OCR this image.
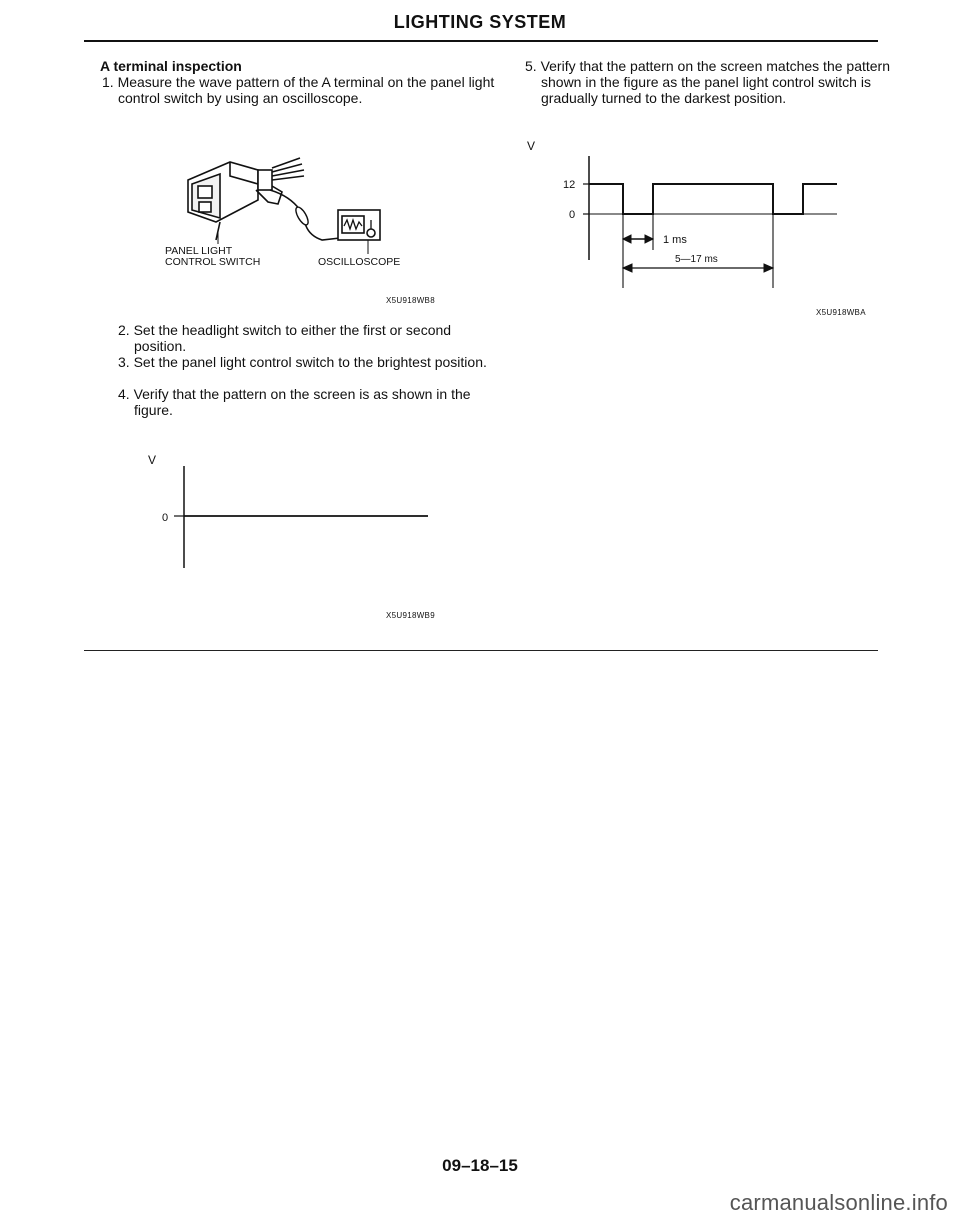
LIGHTING SYSTEM
A terminal inspection
1. Measure the wave pattern of the A terminal on the panel light control switch by using an oscilloscope.
PANEL LIGHT CONTROL SWITCH	OSCILLOSCOPE
X5U918WB8
2. Set the headlight switch to either the first or second position.
3. Set the panel light control switch to the brightest position.
4. Verify that the pattern on the screen is as shown in the figure.
V
0
X5U918WB9
5. Verify that the pattern on the screen matches the pattern shown in the figure as the panel light control switch is gradually turned to the darkest position.
V
12
0
1 ms
5—17 ms
X5U918WBA
09–18–15
carmanualsonline.info
